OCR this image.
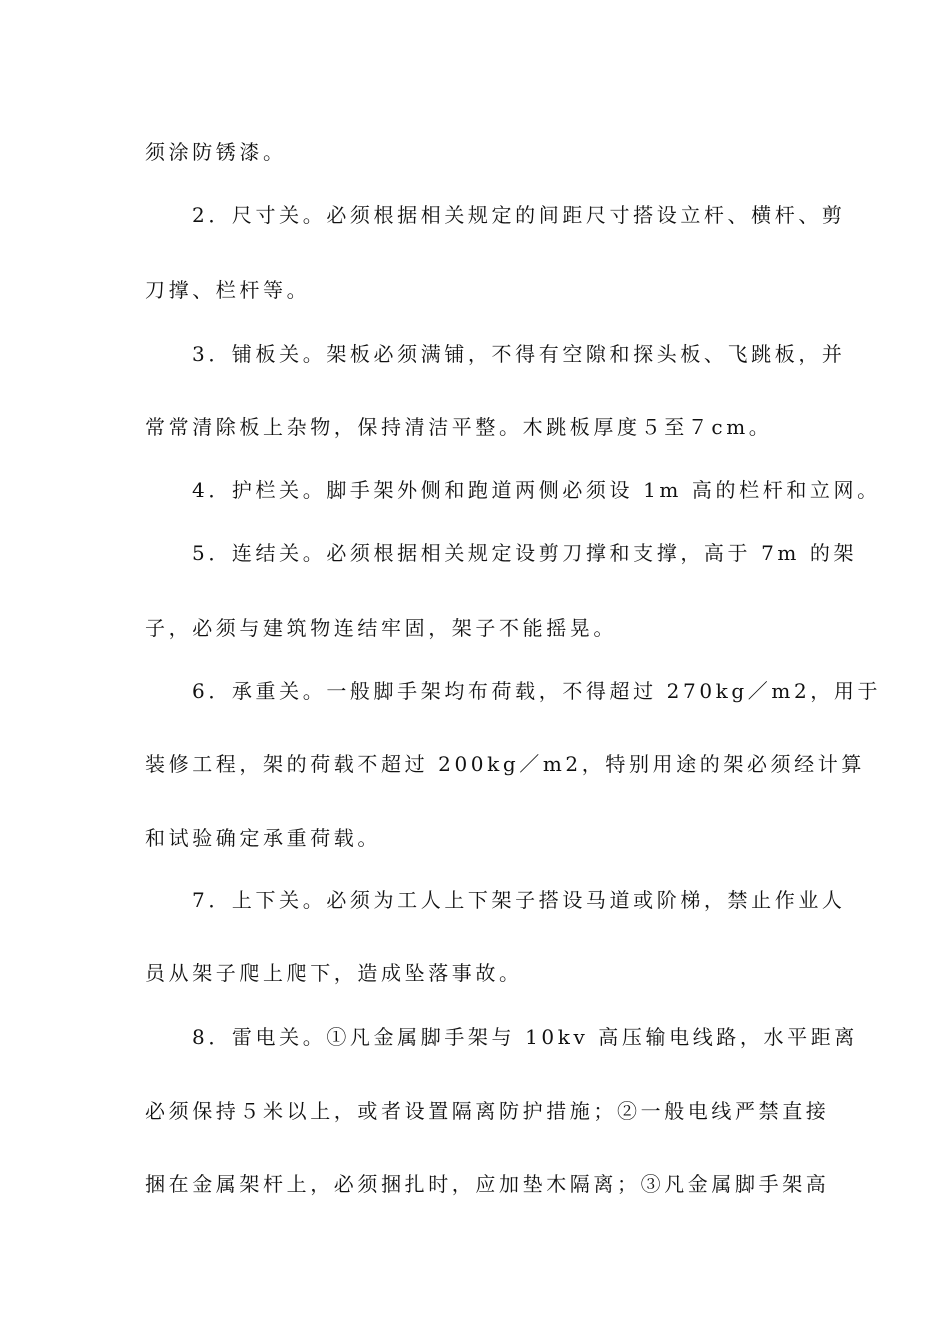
须涂防锈漆。
2．尺寸关。必须根据相关规定的间距尺寸搭设立杆、横杆、剪
刀撑、栏杆等。
3．铺板关。架板必须满铺，不得有空隙和探头板、飞跳板，并
常常清除板上杂物，保持清洁平整。木跳板厚度５至７cm。
4．护栏关。脚手架外侧和跑道两侧必须设 1m 高的栏杆和立网。
5．连结关。必须根据相关规定设剪刀撑和支撑，高于 7m 的架
子，必须与建筑物连结牢固，架子不能摇晃。
6．承重关。一般脚手架均布荷载，不得超过 270kg／m2，用于
装修工程，架的荷载不超过 200kg／m2，特别用途的架必须经计算
和试验确定承重荷载。
7．上下关。必须为工人上下架子搭设马道或阶梯，禁止作业人
员从架子爬上爬下，造成坠落事故。
8．雷电关。①凡金属脚手架与 10kv 高压输电线路，水平距离
必须保持５米以上，或者设置隔离防护措施；②一般电线严禁直接
捆在金属架杆上，必须捆扎时，应加垫木隔离；③凡金属脚手架高
